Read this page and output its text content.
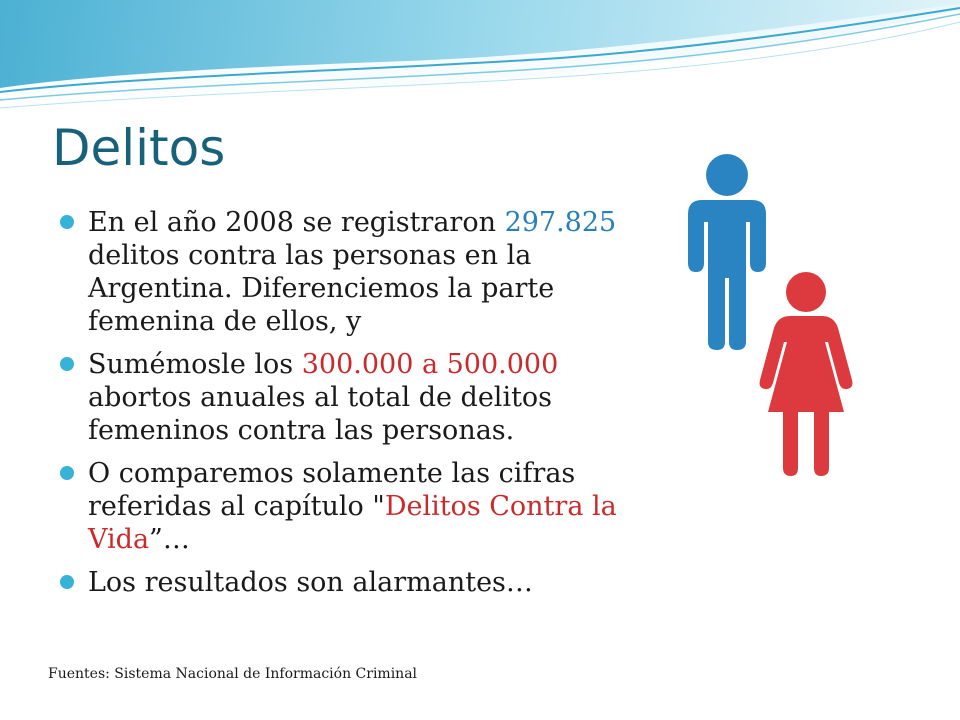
Delitos
En el año 2008 se registraron 297.825 delitos contra las personas en la Argentina. Diferenciemos la parte femenina de ellos, y
Sumémosle los 300.000 a 500.000 abortos anuales al total de delitos femeninos contra las personas.
O comparemos solamente las cifras referidas al capítulo "Delitos Contra la Vida”…
Los resultados son alarmantes…

Fuentes: Sistema Nacional de Información Criminal
